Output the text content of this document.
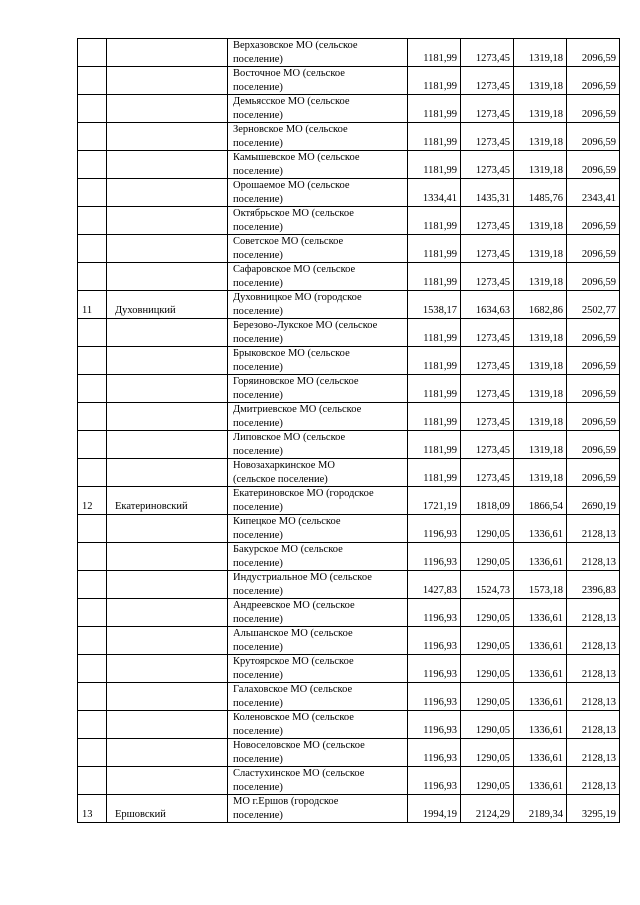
		Верхазовское МО (сельское
поселение)	1181,99	1273,45	1319,18	2096,59

		Восточное МО (сельское
поселение)	1181,99	1273,45	1319,18	2096,59

		Демьясское МО (сельское
поселение)	1181,99	1273,45	1319,18	2096,59

		Зерновское МО (сельское
поселение)	1181,99	1273,45	1319,18	2096,59

		Камышевское МО (сельское
поселение)	1181,99	1273,45	1319,18	2096,59

		Орошаемое МО (сельское
поселение)	1334,41	1435,31	1485,76	2343,41

		Октябрьское МО (сельское
поселение)	1181,99	1273,45	1319,18	2096,59

		Советское МО (сельское
поселение)	1181,99	1273,45	1319,18	2096,59

		Сафаровское МО (сельское
поселение)	1181,99	1273,45	1319,18	2096,59
11	Духовницкий	Духовницкое МО (городское
поселение)	1538,17	1634,63	1682,86	2502,77

		Березово-Лукское МО (сельское
поселение)	1181,99	1273,45	1319,18	2096,59

		Брыковское МО (сельское
поселение)	1181,99	1273,45	1319,18	2096,59

		Горяиновское МО (сельское
поселение)	1181,99	1273,45	1319,18	2096,59

		Дмитриевское МО (сельское
поселение)	1181,99	1273,45	1319,18	2096,59

		Липовское МО (сельское
поселение)	1181,99	1273,45	1319,18	2096,59

		Новозахаркинское МО
(сельское поселение)	1181,99	1273,45	1319,18	2096,59
12	Екатериновский	Екатериновское МО (городское
поселение)	1721,19	1818,09	1866,54	2690,19

		Кипецкое МО (сельское
поселение)	1196,93	1290,05	1336,61	2128,13

		Бакурское МО (сельское
поселение)	1196,93	1290,05	1336,61	2128,13

		Индустриальное МО (сельское
поселение)	1427,83	1524,73	1573,18	2396,83

		Андреевское МО (сельское
поселение)	1196,93	1290,05	1336,61	2128,13

		Альшанское МО (сельское
поселение)	1196,93	1290,05	1336,61	2128,13

		Крутоярское МО (сельское
поселение)	1196,93	1290,05	1336,61	2128,13

		Галаховское МО (сельское
поселение)	1196,93	1290,05	1336,61	2128,13

		Коленовское МО (сельское
поселение)	1196,93	1290,05	1336,61	2128,13

		Новоселовское МО (сельское
поселение)	1196,93	1290,05	1336,61	2128,13

		Сластухинское МО (сельское
поселение)	1196,93	1290,05	1336,61	2128,13
13	Ершовский	МО г.Ершов (городское
поселение)	1994,19	2124,29	2189,34	3295,19
